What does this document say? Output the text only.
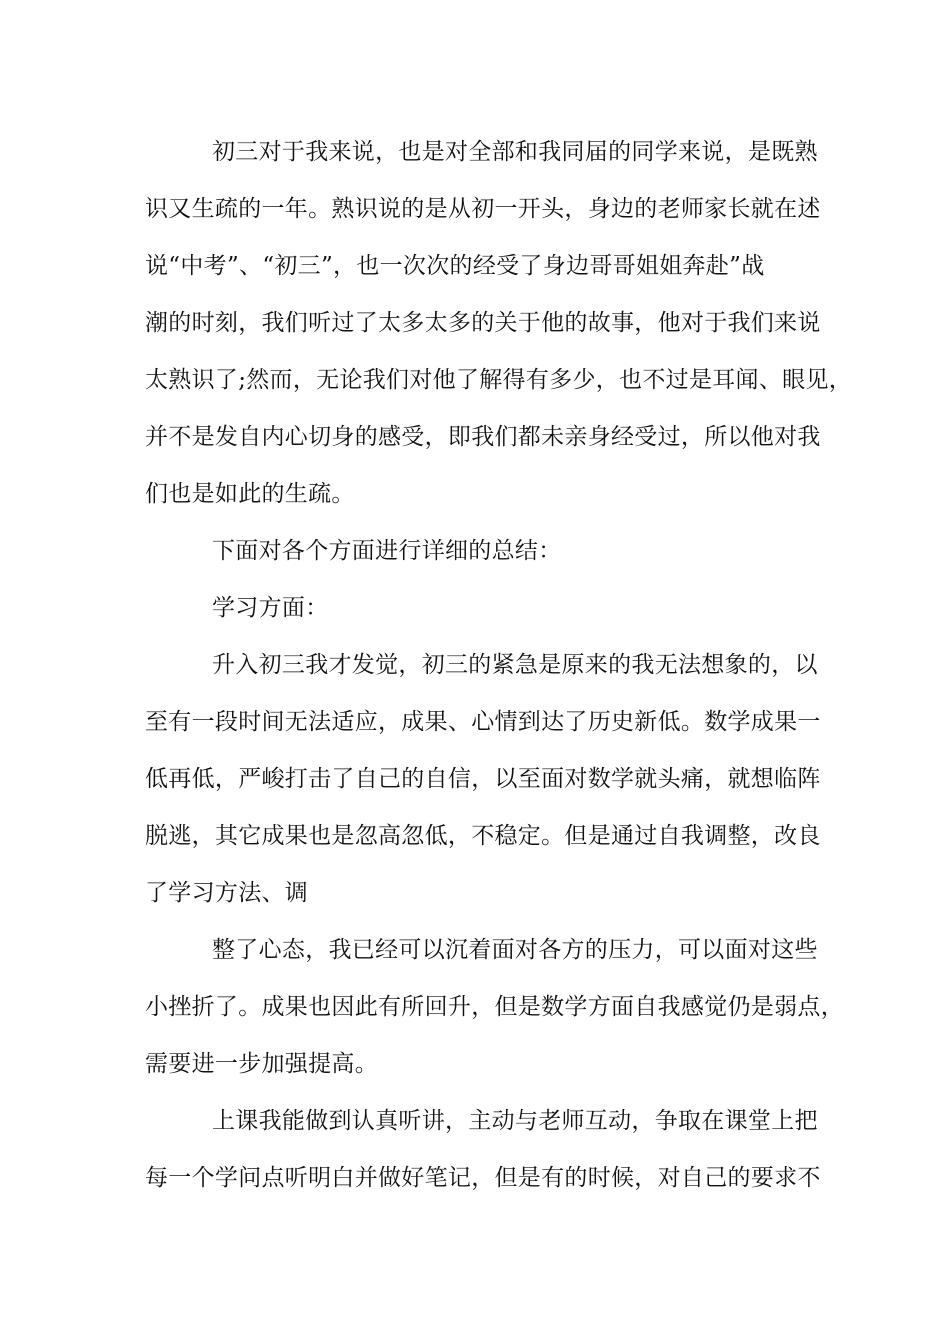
初三对于我来说，也是对全部和我同届的同学来说，是既熟
识又生疏的一年。熟识说的是从初一开头，身边的老师家长就在述
说“中考”、“初三”，也一次次的经受了身边哥哥姐姐奔赴”战
潮的时刻，我们听过了太多太多的关于他的故事，他对于我们来说
太熟识了;然而，无论我们对他了解得有多少，也不过是耳闻、眼见，
并不是发自内心切身的感受，即我们都未亲身经受过，所以他对我
们也是如此的生疏。
下面对各个方面进行详细的总结：
学习方面：
升入初三我才发觉，初三的紧急是原来的我无法想象的，以
至有一段时间无法适应，成果、心情到达了历史新低。数学成果一
低再低，严峻打击了自己的自信，以至面对数学就头痛，就想临阵
脱逃，其它成果也是忽高忽低，不稳定。但是通过自我调整，改良
了学习方法、调
整了心态，我已经可以沉着面对各方的压力，可以面对这些
小挫折了。成果也因此有所回升，但是数学方面自我感觉仍是弱点，
需要进一步加强提高。
上课我能做到认真听讲，主动与老师互动，争取在课堂上把
每一个学问点听明白并做好笔记，但是有的时候，对自己的要求不
